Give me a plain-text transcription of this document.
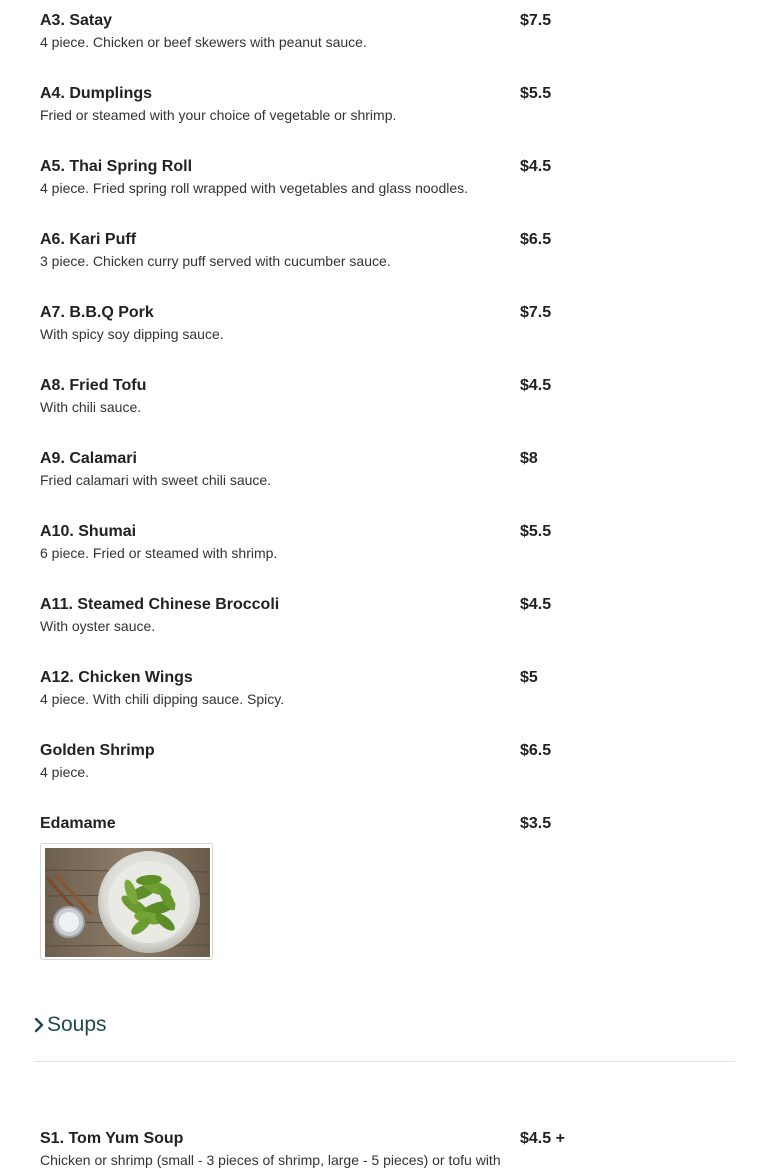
A3. Satay	$7.5
4 piece. Chicken or beef skewers with peanut sauce.
A4. Dumplings	$5.5
Fried or steamed with your choice of vegetable or shrimp.
A5. Thai Spring Roll	$4.5
4 piece. Fried spring roll wrapped with vegetables and glass noodles.
A6. Kari Puff	$6.5
3 piece. Chicken curry puff served with cucumber sauce.
A7. B.B.Q Pork	$7.5
With spicy soy dipping sauce.
A8. Fried Tofu	$4.5
With chili sauce.
A9. Calamari	$8
Fried calamari with sweet chili sauce.
A10. Shumai	$5.5
6 piece. Fried or steamed with shrimp.
A11. Steamed Chinese Broccoli	$4.5
With oyster sauce.
A12. Chicken Wings	$5
4 piece. With chili dipping sauce. Spicy.
Golden Shrimp	$6.5
4 piece.
Edamame	$3.5
Soups
S1. Tom Yum Soup	$4.5 +
Chicken or shrimp (small - 3 pieces of shrimp, large - 5 pieces) or tofu with
